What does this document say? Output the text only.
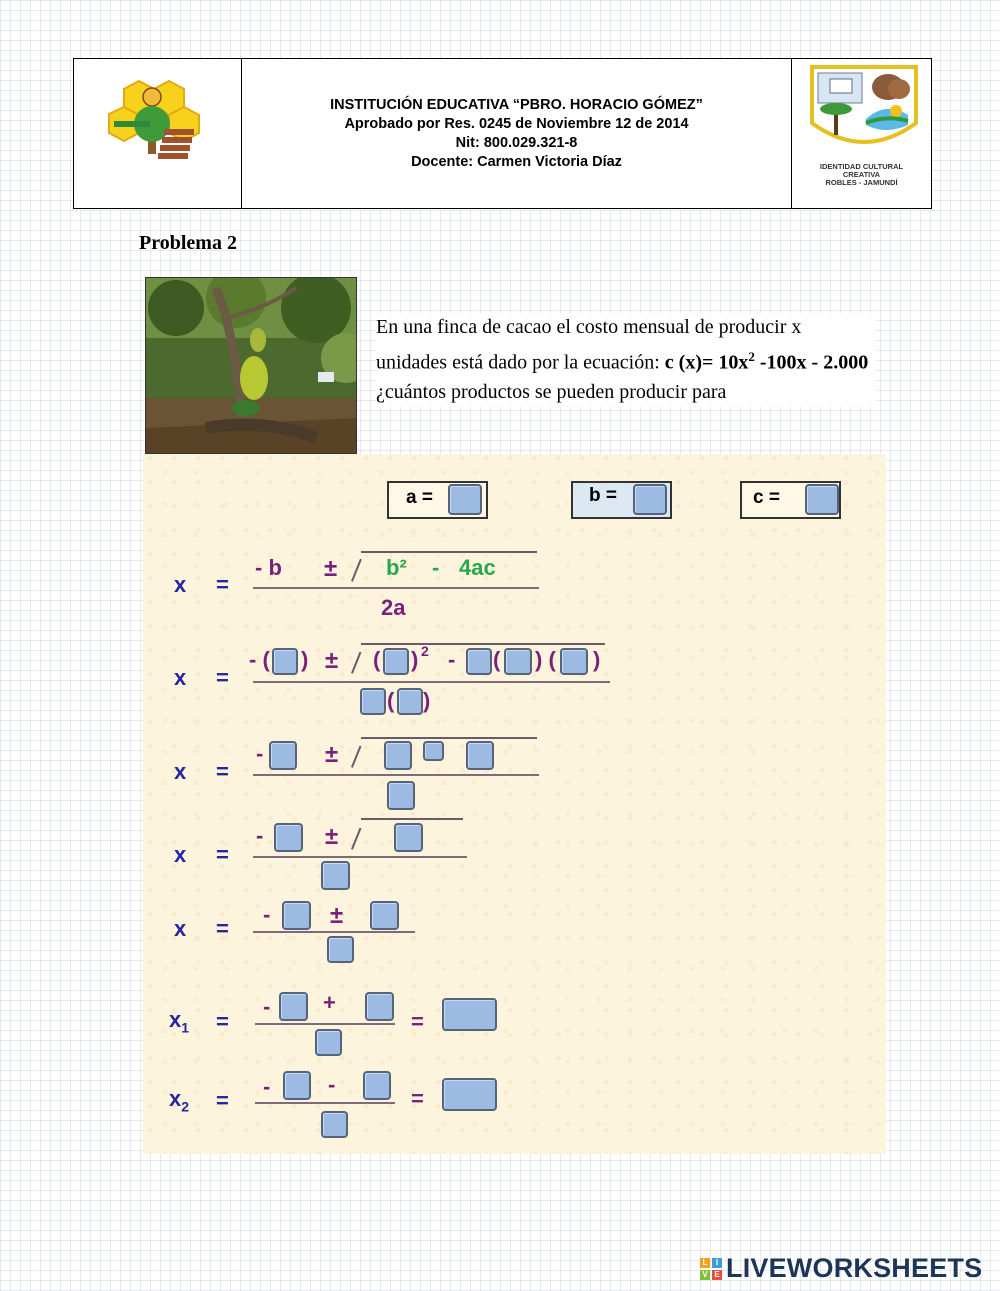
INSTITUCIÓN EDUCATIVA “PBRO. HORACIO GÓMEZ”
Aprobado por Res. 0245 de Noviembre 12 de 2014
Nit: 800.029.321-8
Docente: Carmen Victoria Díaz	IDENTIDAD CULTURAL
CREATIVA
ROBLES - JAMUNDÍ
Problema 2
En una finca de cacao el costo mensual de producir x unidades está dado por la ecuación: c $(x)= 10x^2$ -100x - 2.000 ¿cuántos productos se pueden producir para
a =	b =	c =
x =
- b ± b² - 4ac
2a
x =
- ( ) ± ( ) 2 - ( ) ( )
( )
x =
-	±
x =
-	±
x =
- ±
$x_1$ =
- +
=
$x_2$ =
-	-
=
L	I
V E LIVEWORKSHEETS
